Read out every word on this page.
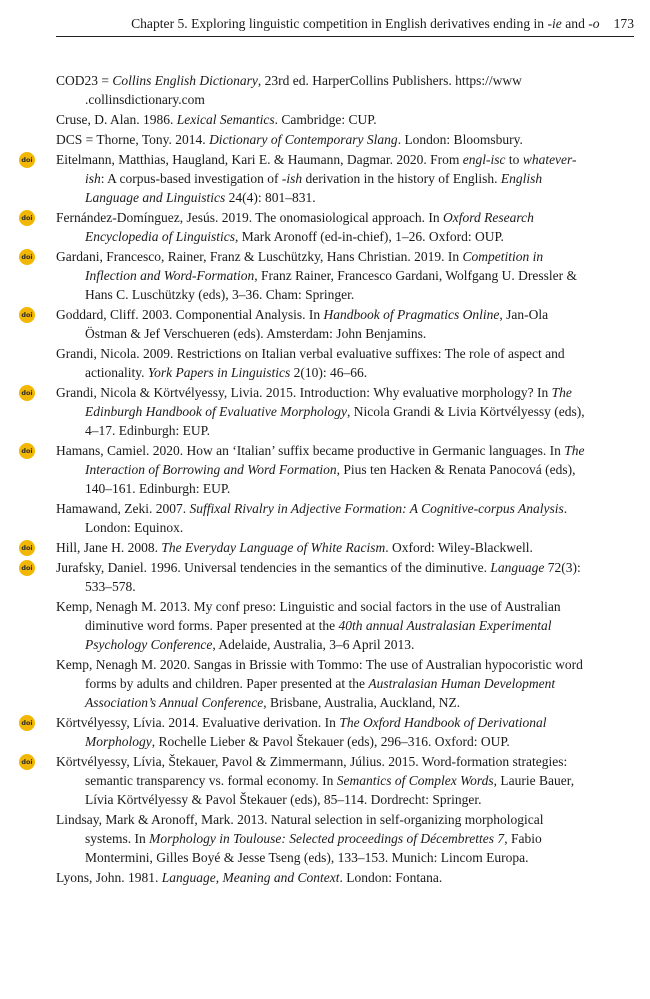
Chapter 5. Exploring linguistic competition in English derivatives ending in -ie and -o 173
COD23 = Collins English Dictionary, 23rd ed. HarperCollins Publishers. https://www .collinsdictionary.com
Cruse, D. Alan. 1986. Lexical Semantics. Cambridge: CUP.
DCS = Thorne, Tony. 2014. Dictionary of Contemporary Slang. London: Bloomsbury.
doi Eitelmann, Matthias, Haugland, Kari E. & Haumann, Dagmar. 2020. From engl-isc to whatever-ish: A corpus-based investigation of -ish derivation in the history of English. English Language and Linguistics 24(4): 801–831.
doi Fernández-Domínguez, Jesús. 2019. The onomasiological approach. In Oxford Research Encyclopedia of Linguistics, Mark Aronoff (ed-in-chief), 1–26. Oxford: OUP.
doi Gardani, Francesco, Rainer, Franz & Luschützky, Hans Christian. 2019. In Competition in Inflection and Word-Formation, Franz Rainer, Francesco Gardani, Wolfgang U. Dressler & Hans C. Luschützky (eds), 3–36. Cham: Springer.
doi Goddard, Cliff. 2003. Componential Analysis. In Handbook of Pragmatics Online, Jan-Ola Östman & Jef Verschueren (eds). Amsterdam: John Benjamins.
Grandi, Nicola. 2009. Restrictions on Italian verbal evaluative suffixes: The role of aspect and actionality. York Papers in Linguistics 2(10): 46–66.
doi Grandi, Nicola & Körtvélyessy, Livia. 2015. Introduction: Why evaluative morphology? In The Edinburgh Handbook of Evaluative Morphology, Nicola Grandi & Livia Körtvélyessy (eds), 4–17. Edinburgh: EUP.
doi Hamans, Camiel. 2020. How an ‘Italian’ suffix became productive in Germanic languages. In The Interaction of Borrowing and Word Formation, Pius ten Hacken & Renata Panocová (eds), 140–161. Edinburgh: EUP.
Hamawand, Zeki. 2007. Suffixal Rivalry in Adjective Formation: A Cognitive-corpus Analysis. London: Equinox.
doi Hill, Jane H. 2008. The Everyday Language of White Racism. Oxford: Wiley-Blackwell.
doi Jurafsky, Daniel. 1996. Universal tendencies in the semantics of the diminutive. Language 72(3): 533–578.
Kemp, Nenagh M. 2013. My conf preso: Linguistic and social factors in the use of Australian diminutive word forms. Paper presented at the 40th annual Australasian Experimental Psychology Conference, Adelaide, Australia, 3–6 April 2013.
Kemp, Nenagh M. 2020. Sangas in Brissie with Tommo: The use of Australian hypocoristic word forms by adults and children. Paper presented at the Australasian Human Development Association’s Annual Conference, Brisbane, Australia, Auckland, NZ.
doi Körtvélyessy, Lívia. 2014. Evaluative derivation. In The Oxford Handbook of Derivational Morphology, Rochelle Lieber & Pavol Štekauer (eds), 296–316. Oxford: OUP.
doi Körtvélyessy, Lívia, Štekauer, Pavol & Zimmermann, Július. 2015. Word-formation strategies: semantic transparency vs. formal economy. In Semantics of Complex Words, Laurie Bauer, Lívia Körtvélyessy & Pavol Štekauer (eds), 85–114. Dordrecht: Springer.
Lindsay, Mark & Aronoff, Mark. 2013. Natural selection in self-organizing morphological systems. In Morphology in Toulouse: Selected proceedings of Décembrettes 7, Fabio Montermini, Gilles Boyé & Jesse Tseng (eds), 133–153. Munich: Lincom Europa.
Lyons, John. 1981. Language, Meaning and Context. London: Fontana.
